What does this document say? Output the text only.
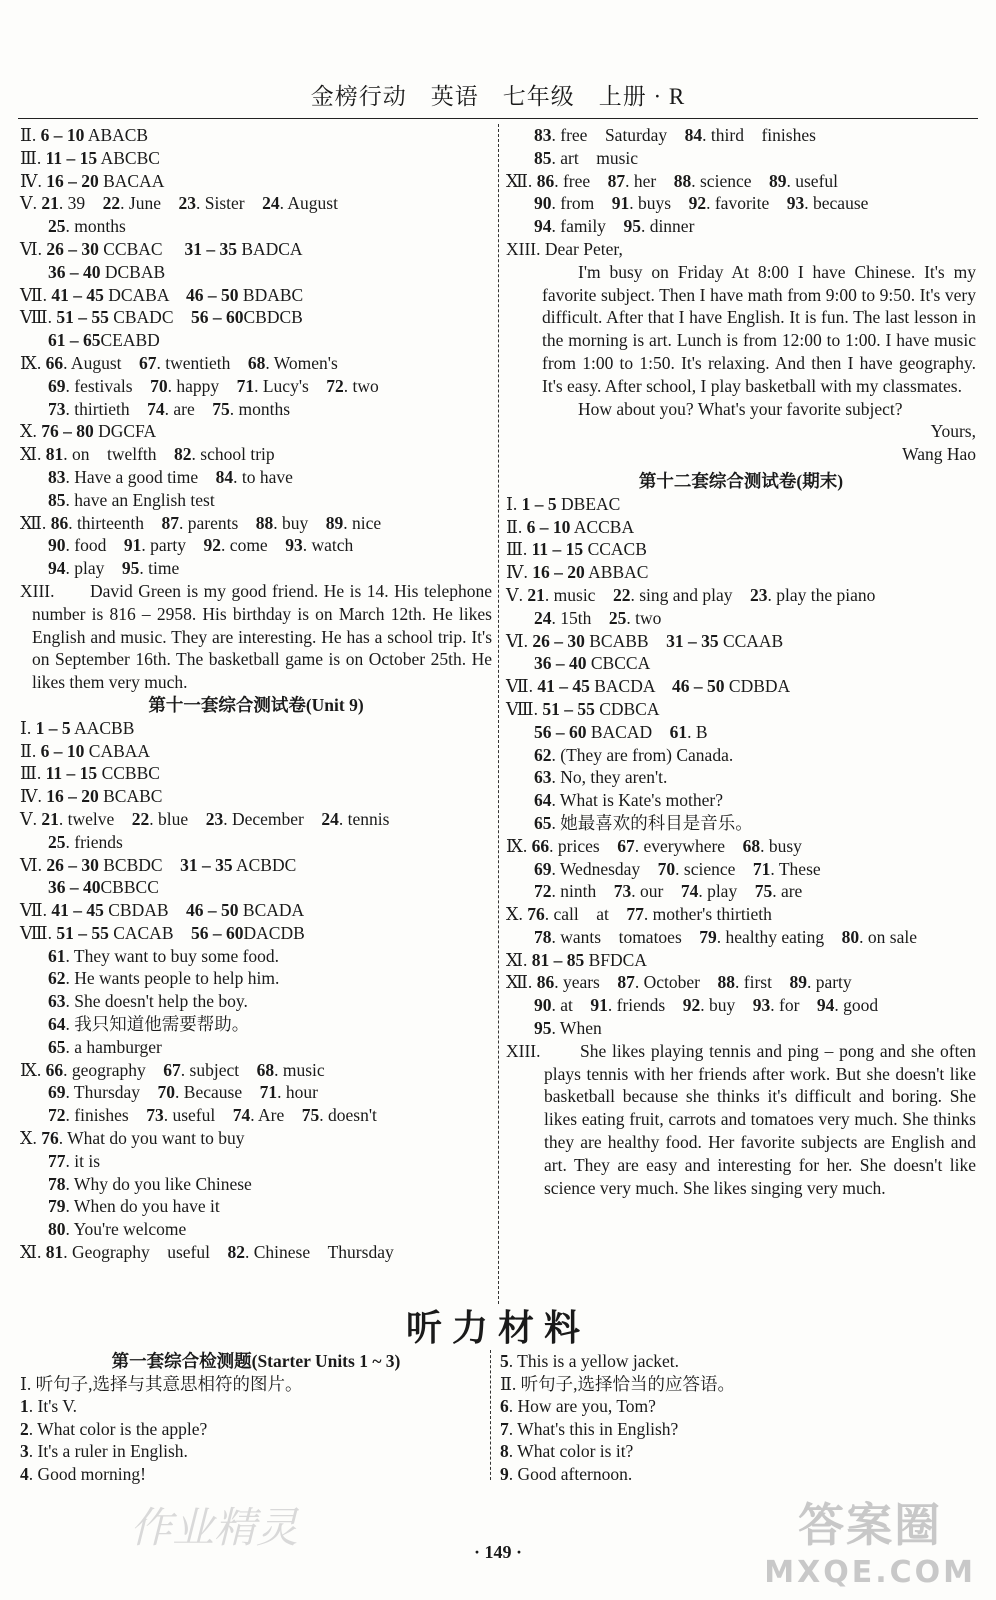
金榜行动　英语　七年级　上册 · R
Ⅱ. 6 – 10 ABACB
Ⅲ. 11 – 15 ABCBC
Ⅳ. 16 – 20 BACAA
Ⅴ. 21. 39　22. June　23. Sister　24. August
25. months
Ⅵ. 26 – 30 CCBAC　 31 – 35 BADCA
36 – 40 DCBAB
Ⅶ. 41 – 45 DCABA　46 – 50 BDABC
Ⅷ. 51 – 55 CBADC　56 – 60CBDCB
61 – 65CEABD
Ⅸ. 66. August　67. twentieth　68. Women's
69. festivals　70. happy　71. Lucy's　72. two
73. thirtieth　74. are　75. months
Ⅹ. 76 – 80 DGCFA
Ⅺ. 81. on　twelfth　82. school trip
83. Have a good time　84. to have
85. have an English test
Ⅻ. 86. thirteenth　87. parents　88. buy　89. nice
90. food　91. party　92. come　93. watch
94. play　95. time
XIII.	David Green is my good friend. He is 14. His telephone number is 816 – 2958. His birthday is on March 12th. He likes English and music. They are interesting. He has a school trip. It's on September 16th. The basketball game is on October 25th. He likes them very much.
第十一套综合测试卷(Unit 9)
Ⅰ. 1 – 5 AACBB
Ⅱ. 6 – 10 CABAA
Ⅲ. 11 – 15 CCBBC
Ⅳ. 16 – 20 BCABC
Ⅴ. 21. twelve　22. blue　23. December　24. tennis
25. friends
Ⅵ. 26 – 30 BCBDC　31 – 35 ACBDC
36 – 40CBBCC
Ⅶ. 41 – 45 CBDAB　46 – 50 BCADA
Ⅷ. 51 – 55 CACAB　56 – 60DACDB
61. They want to buy some food.
62. He wants people to help him.
63. She doesn't help the boy.
64. 我只知道他需要帮助。
65. a hamburger
Ⅸ. 66. geography　67. subject　68. music
69. Thursday　70. Because　71. hour
72. finishes　73. useful　74. Are　75. doesn't
Ⅹ. 76. What do you want to buy
77. it is
78. Why do you like Chinese
79. When do you have it
80. You're welcome
Ⅺ. 81. Geography　useful　82. Chinese　Thursday
83. free　Saturday　84. third　finishes
85. art　music
Ⅻ. 86. free　87. her　88. science　89. useful
90. from　91. buys　92. favorite　93. because
94. family　95. dinner
XIII. Dear Peter,
I'm busy on Friday At 8:00 I have Chinese. It's my favorite subject. Then I have math from 9:00 to 9:50. It's very difficult. After that I have English. It is fun. The last lesson in the morning is art. Lunch is from 12:00 to 1:00. I have music from 1:00 to 1:50. It's relaxing. And then I have geography. It's easy. After school, I play basketball with my classmates.
How about you? What's your favorite subject?
Yours,
Wang Hao
第十二套综合测试卷(期末)
Ⅰ. 1 – 5 DBEAC
Ⅱ. 6 – 10 ACCBA
Ⅲ. 11 – 15 CCACB
Ⅳ. 16 – 20 ABBAC
Ⅴ. 21. music　22. sing and play　23. play the piano
24. 15th　25. two
Ⅵ. 26 – 30 BCABB　31 – 35 CCAAB
36 – 40 CBCCA
Ⅶ. 41 – 45 BACDA　46 – 50 CDBDA
Ⅷ. 51 – 55 CDBCA
56 – 60 BACAD　61. B
62. (They are from) Canada.
63. No, they aren't.
64. What is Kate's mother?
65. 她最喜欢的科目是音乐。
Ⅸ. 66. prices　67. everywhere　68. busy
69. Wednesday　70. science　71. These
72. ninth　73. our　74. play　75. are
Ⅹ. 76. call　at　77. mother's thirtieth
78. wants　tomatoes　79. healthy eating　80. on sale
Ⅺ. 81 – 85 BFDCA
Ⅻ. 86. years　87. October　88. first　89. party
90. at　91. friends　92. buy　93. for　94. good
95. When
XIII.	She likes playing tennis and ping – pong and she often plays tennis with her friends after work. But she doesn't like basketball because she thinks it's difficult and boring. She likes eating fruit, carrots and tomatoes very much. She thinks they are healthy food. Her favorite subjects are English and art. They are easy and interesting for her. She doesn't like science very much. She likes singing very much.
听力材料
第一套综合检测题(Starter Units 1 ~ 3)
Ⅰ. 听句子,选择与其意思相符的图片。
1. It's V.
2. What color is the apple?
3. It's a ruler in English.
4. Good morning!
5. This is a yellow jacket.
Ⅱ. 听句子,选择恰当的应答语。
6. How are you, Tom?
7. What's this in English?
8. What color is it?
9. Good afternoon.
· 149 ·
作业精灵	答案圈
MXQE.COM
